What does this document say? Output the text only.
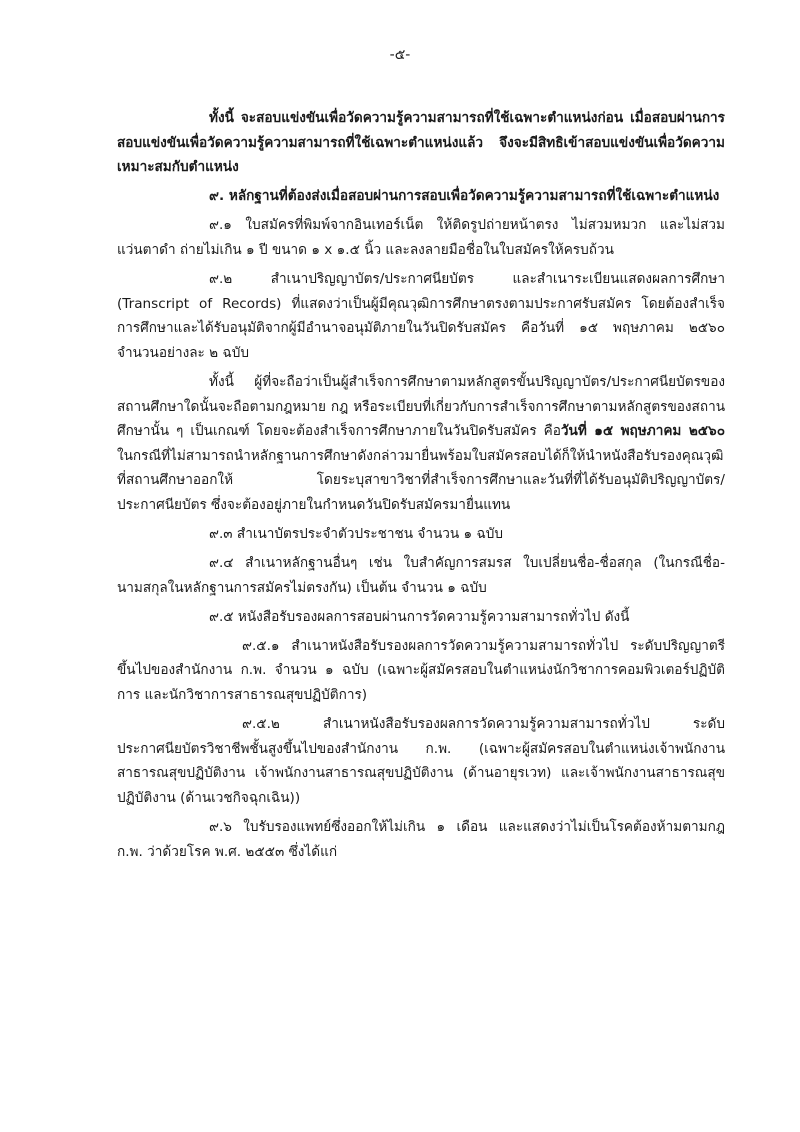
-๕-

ทั้งนี้ จะสอบแข่งขันเพื่อวัดความรู้ความสามารถที่ใช้เฉพาะตำแหน่งก่อน เมื่อสอบผ่านการสอบแข่งขันเพื่อวัดความรู้ความสามารถที่ใช้เฉพาะตำแหน่งแล้ว จึงจะมีสิทธิเข้าสอบแข่งขันเพื่อวัดความเหมาะสมกับตำแหน่ง

๙. หลักฐานที่ต้องส่งเมื่อสอบผ่านการสอบเพื่อวัดความรู้ความสามารถที่ใช้เฉพาะตำแหน่ง

๙.๑ ใบสมัครที่พิมพ์จากอินเทอร์เน็ต ให้ติดรูปถ่ายหน้าตรง ไม่สวมหมวก และไม่สวมแว่นตาดำ ถ่ายไม่เกิน ๑ ปี ขนาด ๑ x ๑.๕ นิ้ว และลงลายมือชื่อในใบสมัครให้ครบถ้วน

๙.๒ สำเนาปริญญาบัตร/ประกาศนียบัตร และสำเนาระเบียนแสดงผลการศึกษา (Transcript of Records) ที่แสดงว่าเป็นผู้มีคุณวุฒิการศึกษาตรงตามประกาศรับสมัคร โดยต้องสำเร็จการศึกษาและได้รับอนุมัติจากผู้มีอำนาจอนุมัติภายในวันปิดรับสมัคร คือวันที่ ๑๕ พฤษภาคม ๒๕๖๐ จำนวนอย่างละ ๒ ฉบับ

ทั้งนี้ ผู้ที่จะถือว่าเป็นผู้สำเร็จการศึกษาตามหลักสูตรขั้นปริญญาบัตร/ประกาศนียบัตรของสถานศึกษาใดนั้นจะถือตามกฎหมาย กฎ หรือระเบียบที่เกี่ยวกับการสำเร็จการศึกษาตามหลักสูตรของสถานศึกษานั้น ๆ เป็นเกณฑ์ โดยจะต้องสำเร็จการศึกษาภายในวันปิดรับสมัคร คือวันที่ ๑๕ พฤษภาคม ๒๕๖๐ ในกรณีที่ไม่สามารถนำหลักฐานการศึกษาดังกล่าวมายื่นพร้อมใบสมัครสอบได้ก็ให้นำหนังสือรับรองคุณวุฒิที่สถานศึกษาออกให้ โดยระบุสาขาวิชาที่สำเร็จการศึกษาและวันที่ที่ได้รับอนุมัติปริญญาบัตร/ประกาศนียบัตร ซึ่งจะต้องอยู่ภายในกำหนดวันปิดรับสมัครมายื่นแทน

๙.๓ สำเนาบัตรประจำตัวประชาชน จำนวน ๑ ฉบับ

๙.๔ สำเนาหลักฐานอื่นๆ เช่น ใบสำคัญการสมรส ใบเปลี่ยนชื่อ-ชื่อสกุล (ในกรณีชื่อ-นามสกุลในหลักฐานการสมัครไม่ตรงกัน) เป็นต้น จำนวน ๑ ฉบับ

๙.๕ หนังสือรับรองผลการสอบผ่านการวัดความรู้ความสามารถทั่วไป ดังนี้

๙.๕.๑ สำเนาหนังสือรับรองผลการวัดความรู้ความสามารถทั่วไป ระดับปริญญาตรีขึ้นไปของสำนักงาน ก.พ. จำนวน ๑ ฉบับ (เฉพาะผู้สมัครสอบในตำแหน่งนักวิชาการคอมพิวเตอร์ปฏิบัติการ และนักวิชาการสาธารณสุขปฏิบัติการ)

๙.๕.๒ สำเนาหนังสือรับรองผลการวัดความรู้ความสามารถทั่วไป ระดับประกาศนียบัตรวิชาชีพชั้นสูงขึ้นไปของสำนักงาน ก.พ. (เฉพาะผู้สมัครสอบในตำแหน่งเจ้าพนักงานสาธารณสุขปฏิบัติงาน เจ้าพนักงานสาธารณสุขปฏิบัติงาน (ด้านอายุรเวท) และเจ้าพนักงานสาธารณสุขปฏิบัติงาน (ด้านเวชกิจฉุกเฉิน))

๙.๖ ใบรับรองแพทย์ซึ่งออกให้ไม่เกิน ๑ เดือน และแสดงว่าไม่เป็นโรคต้องห้ามตามกฎ ก.พ. ว่าด้วยโรค พ.ศ. ๒๕๕๓ ซึ่งได้แก่
